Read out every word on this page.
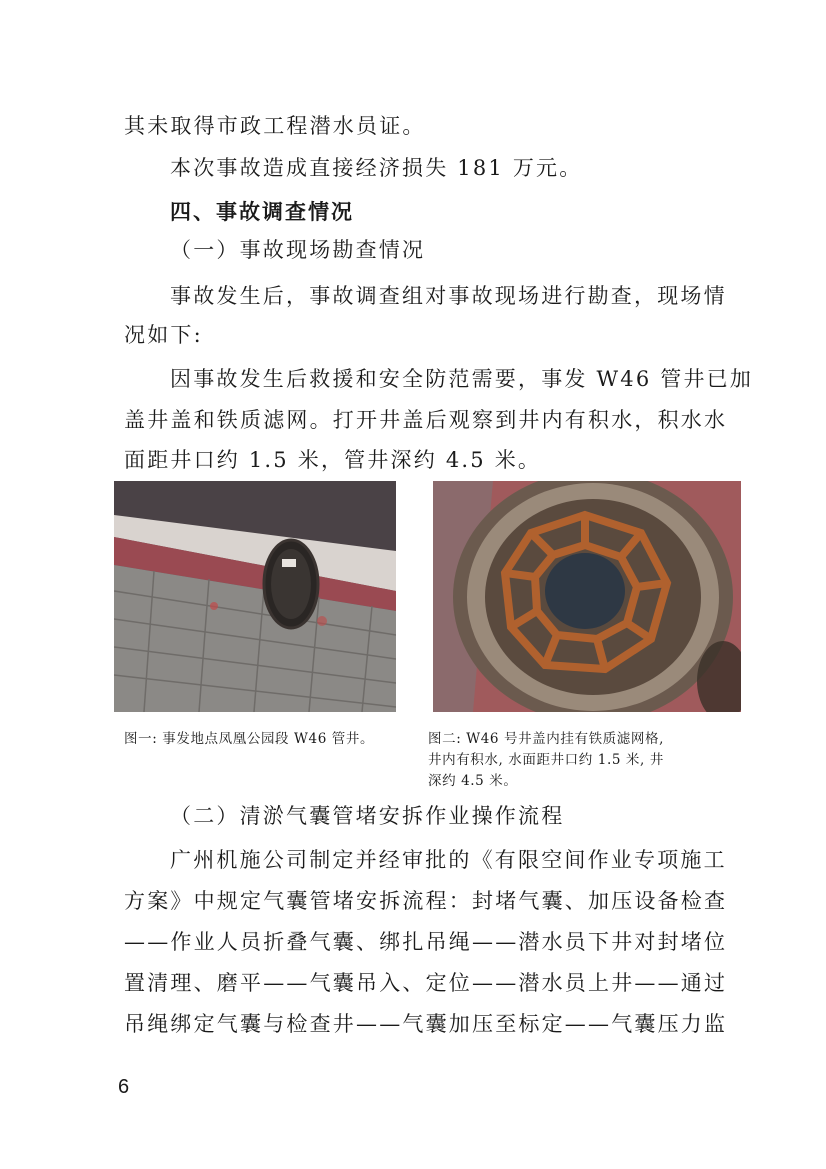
其未取得市政工程潜水员证。
本次事故造成直接经济损失 181 万元。
四、事故调查情况
（一）事故现场勘查情况
事故发生后，事故调查组对事故现场进行勘查，现场情
况如下:
因事故发生后救援和安全防范需要，事发 W46 管井已加
盖井盖和铁质滤网。打开井盖后观察到井内有积水，积水水
面距井口约 1.5 米，管井深约 4.5 米。
图一: 事发地点凤凰公园段 W46 管井。	图二: W46 号井盖内挂有铁质滤网格,
井内有积水, 水面距井口约 1.5 米, 井
深约 4.5 米。
（二）清淤气囊管堵安拆作业操作流程
广州机施公司制定并经审批的《有限空间作业专项施工
方案》中规定气囊管堵安拆流程：封堵气囊、加压设备检查
——作业人员折叠气囊、绑扎吊绳——潜水员下井对封堵位
置清理、磨平——气囊吊入、定位——潜水员上井——通过
吊绳绑定气囊与检查井——气囊加压至标定——气囊压力监
6
